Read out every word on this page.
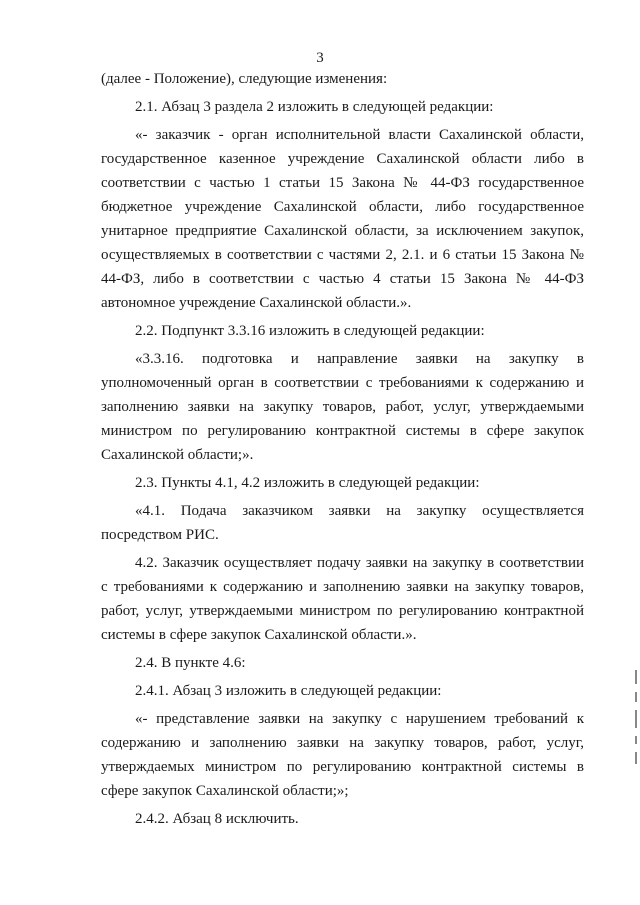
3

(далее - Положение), следующие изменения:

2.1. Абзац 3 раздела 2 изложить в следующей редакции:

«- заказчик - орган исполнительной власти Сахалинской области, государственное казенное учреждение Сахалинской области либо в соответствии с частью 1 статьи 15 Закона № 44-ФЗ государственное бюджетное учреждение Сахалинской области, либо государственное унитарное предприятие Сахалинской области, за исключением закупок, осуществляемых в соответствии с частями 2, 2.1. и 6 статьи 15 Закона № 44-ФЗ, либо в соответствии с частью 4 статьи 15 Закона № 44-ФЗ автономное учреждение Сахалинской области.».

2.2. Подпункт 3.3.16 изложить в следующей редакции:

«3.3.16. подготовка и направление заявки на закупку в уполномоченный орган в соответствии с требованиями к содержанию и заполнению заявки на закупку товаров, работ, услуг, утверждаемыми министром по регулированию контрактной системы в сфере закупок Сахалинской области;».

2.3. Пункты 4.1, 4.2 изложить в следующей редакции:

«4.1. Подача заказчиком заявки на закупку осуществляется посредством РИС.

4.2. Заказчик осуществляет подачу заявки на закупку в соответствии с требованиями к содержанию и заполнению заявки на закупку товаров, работ, услуг, утверждаемыми министром по регулированию контрактной системы в сфере закупок Сахалинской области.».

2.4. В пункте 4.6:

2.4.1. Абзац 3 изложить в следующей редакции:

«- представление заявки на закупку с нарушением требований к содержанию и заполнению заявки на закупку товаров, работ, услуг, утверждаемых министром по регулированию контрактной системы в сфере закупок Сахалинской области;»;

2.4.2. Абзац 8 исключить.
